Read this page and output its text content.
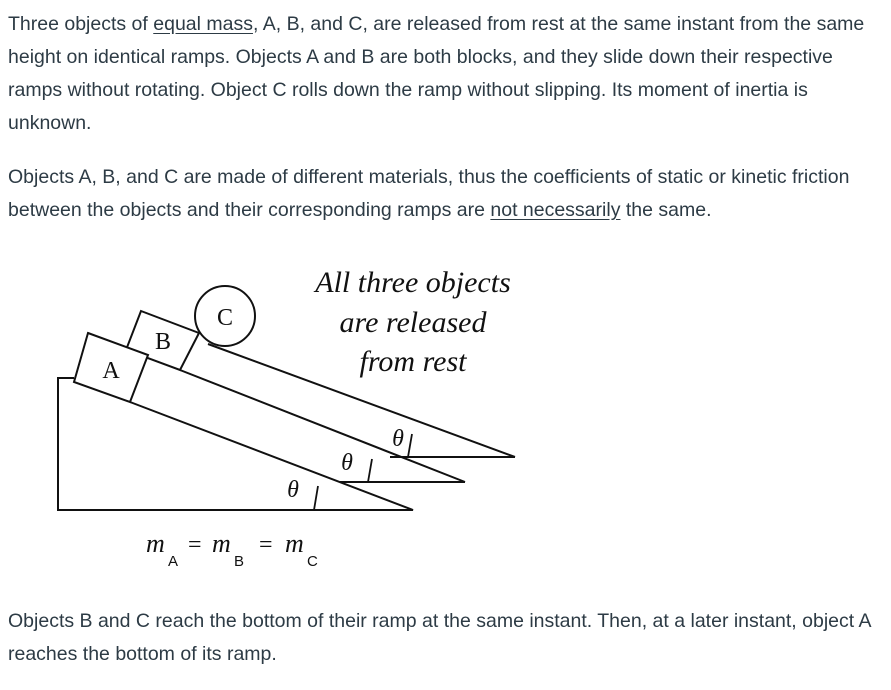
Three objects of equal mass, A, B, and C, are released from rest at the same instant from the same height on identical ramps. Objects A and B are both blocks, and they slide down their respective ramps without rotating. Object C rolls down the ramp without slipping. Its moment of inertia is unknown.

Objects A, B, and C are made of different materials, thus the coefficients of static or kinetic friction between the objects and their corresponding ramps are not necessarily the same.

C
B
A
θ
θ
θ
All three objects
are released
from rest
m
A
= m
B
= m
C

Objects B and C reach the bottom of their ramp at the same instant. Then, at a later instant, object A reaches the bottom of its ramp.
